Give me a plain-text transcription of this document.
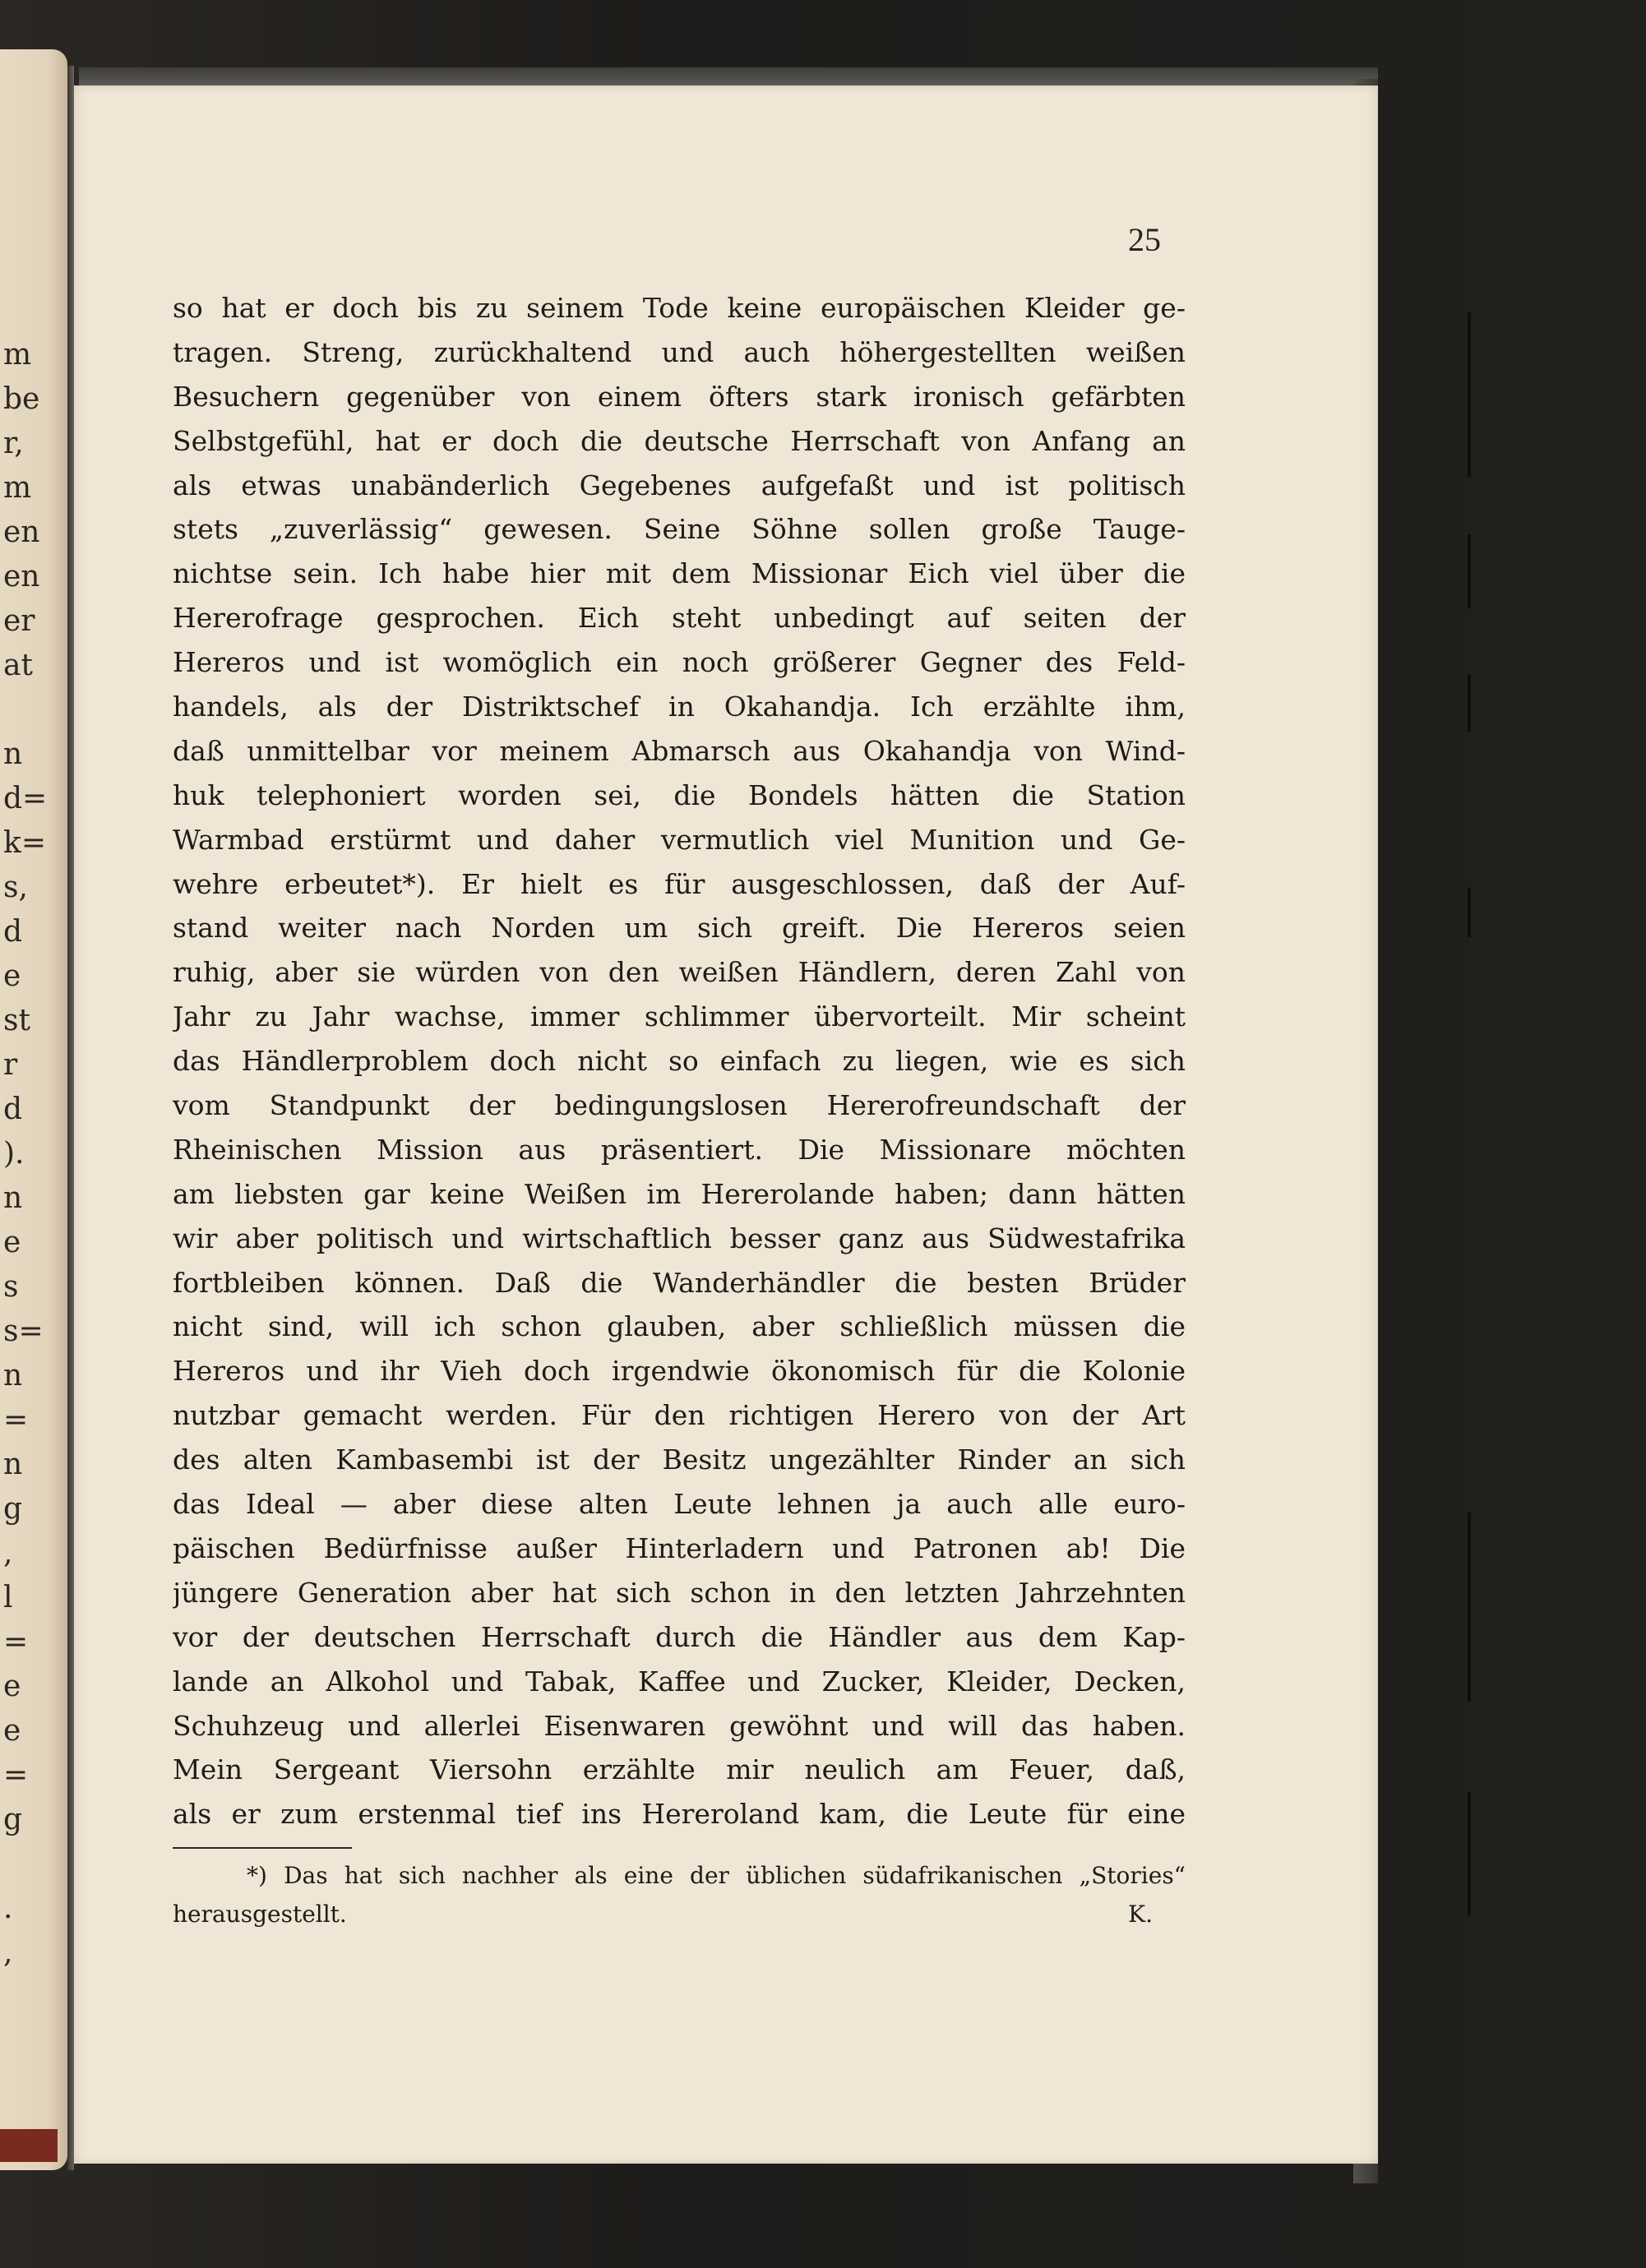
m
be
r,
m
en
en
er
at
n
d=
k=
s,
d
e
st
r
d
).
n
e
s
s=
n
=
n
g
,
l
=
e
e
=
g
.
,
25
so hat er doch bis zu seinem Tode keine europäischen Kleider ge-
tragen. Streng, zurückhaltend und auch höhergestellten weißen
Besuchern gegenüber von einem öfters stark ironisch gefärbten
Selbstgefühl, hat er doch die deutsche Herrschaft von Anfang an
als etwas unabänderlich Gegebenes aufgefaßt und ist politisch
stets „zuverlässig“ gewesen. Seine Söhne sollen große Tauge-
nichtse sein. Ich habe hier mit dem Missionar Eich viel über die
Hererofrage gesprochen. Eich steht unbedingt auf seiten der
Hereros und ist womöglich ein noch größerer Gegner des Feld-
handels, als der Distriktschef in Okahandja. Ich erzählte ihm,
daß unmittelbar vor meinem Abmarsch aus Okahandja von Wind-
huk telephoniert worden sei, die Bondels hätten die Station
Warmbad erstürmt und daher vermutlich viel Munition und Ge-
wehre erbeutet*). Er hielt es für ausgeschlossen, daß der Auf-
stand weiter nach Norden um sich greift. Die Hereros seien
ruhig, aber sie würden von den weißen Händlern, deren Zahl von
Jahr zu Jahr wachse, immer schlimmer übervorteilt. Mir scheint
das Händlerproblem doch nicht so einfach zu liegen, wie es sich
vom Standpunkt der bedingungslosen Hererofreundschaft der
Rheinischen Mission aus präsentiert. Die Missionare möchten
am liebsten gar keine Weißen im Hererolande haben; dann hätten
wir aber politisch und wirtschaftlich besser ganz aus Südwestafrika
fortbleiben können. Daß die Wanderhändler die besten Brüder
nicht sind, will ich schon glauben, aber schließlich müssen die
Hereros und ihr Vieh doch irgendwie ökonomisch für die Kolonie
nutzbar gemacht werden. Für den richtigen Herero von der Art
des alten Kambasembi ist der Besitz ungezählter Rinder an sich
das Ideal — aber diese alten Leute lehnen ja auch alle euro-
päischen Bedürfnisse außer Hinterladern und Patronen ab! Die
jüngere Generation aber hat sich schon in den letzten Jahrzehnten
vor der deutschen Herrschaft durch die Händler aus dem Kap-
lande an Alkohol und Tabak, Kaffee und Zucker, Kleider, Decken,
Schuhzeug und allerlei Eisenwaren gewöhnt und will das haben.
Mein Sergeant Viersohn erzählte mir neulich am Feuer, daß,
als er zum erstenmal tief ins Hereroland kam, die Leute für eine
*) Das hat sich nachher als eine der üblichen südafrikanischen „Stories“
herausgestellt.	K.
